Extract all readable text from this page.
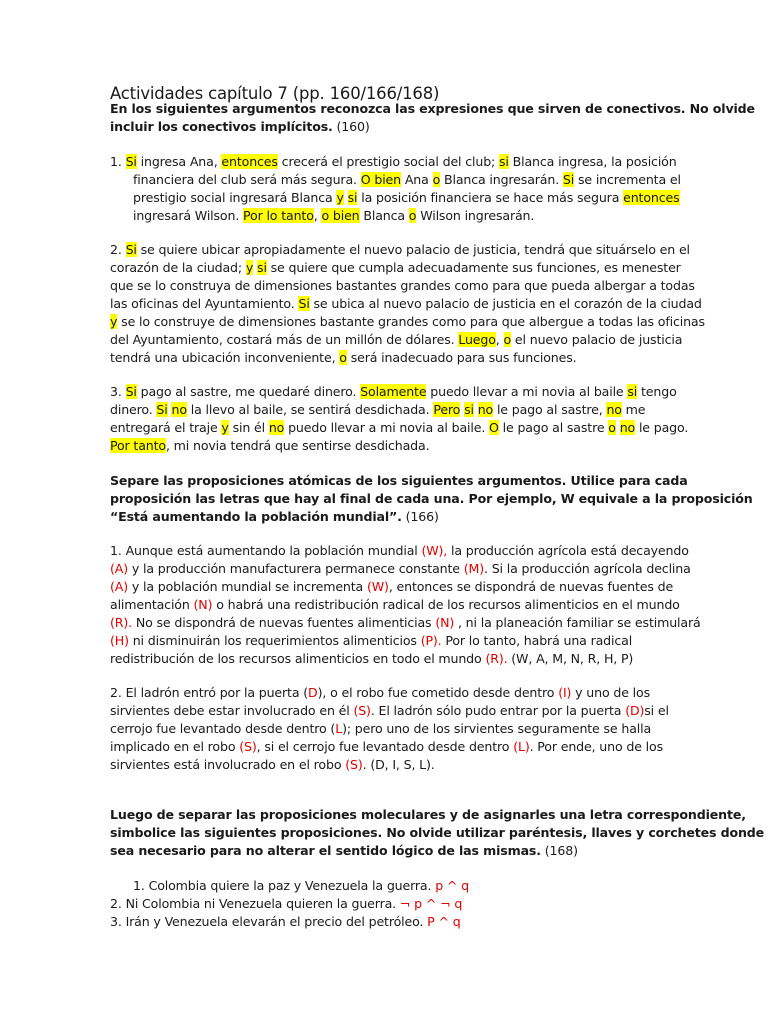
Actividades capítulo 7 (pp. 160/166/168)
En los siguientes argumentos reconozca las expresiones que sirven de conectivos. No olvide
incluir los conectivos implícitos. (160)
1. Si ingresa Ana, entonces crecerá el prestigio social del club; si Blanca ingresa, la posición
financiera del club será más segura. O bien Ana o Blanca ingresarán. Si se incrementa el
prestigio social ingresará Blanca y si la posición financiera se hace más segura entonces
ingresará Wilson. Por lo tanto, o bien Blanca o Wilson ingresarán.
2. Si se quiere ubicar apropiadamente el nuevo palacio de justicia, tendrá que situárselo en el
corazón de la ciudad; y si se quiere que cumpla adecuadamente sus funciones, es menester
que se lo construya de dimensiones bastantes grandes como para que pueda albergar a todas
las oficinas del Ayuntamiento. Si se ubica al nuevo palacio de justicia en el corazón de la ciudad
y se lo construye de dimensiones bastante grandes como para que albergue a todas las oficinas
del Ayuntamiento, costará más de un millón de dólares. Luego, o el nuevo palacio de justicia
tendrá una ubicación inconveniente, o será inadecuado para sus funciones.
3. Si pago al sastre, me quedaré dinero. Solamente puedo llevar a mi novia al baile si tengo
dinero. Si no la llevo al baile, se sentirá desdichada. Pero si no le pago al sastre, no me
entregará el traje y sin él no puedo llevar a mi novia al baile. O le pago al sastre o no le pago.
Por tanto, mi novia tendrá que sentirse desdichada.
Separe las proposiciones atómicas de los siguientes argumentos. Utilice para cada
proposición las letras que hay al final de cada una. Por ejemplo, W equivale a la proposición
“Está aumentando la población mundial”. (166)
1. Aunque está aumentando la población mundial (W), la producción agrícola está decayendo
(A) y la producción manufacturera permanece constante (M). Si la producción agrícola declina
(A) y la población mundial se incrementa (W), entonces se dispondrá de nuevas fuentes de
alimentación (N) o habrá una redistribución radical de los recursos alimenticios en el mundo
(R). No se dispondrá de nuevas fuentes alimenticias (N) , ni la planeación familiar se estimulará
(H) ni disminuirán los requerimientos alimenticios (P). Por lo tanto, habrá una radical
redistribución de los recursos alimenticios en todo el mundo (R). (W, A, M, N, R, H, P)
2. El ladrón entró por la puerta (D), o el robo fue cometido desde dentro (I) y uno de los
sirvientes debe estar involucrado en él (S). El ladrón sólo pudo entrar por la puerta (D)si el
cerrojo fue levantado desde dentro (L); pero uno de los sirvientes seguramente se halla
implicado en el robo (S), si el cerrojo fue levantado desde dentro (L). Por ende, uno de los
sirvientes está involucrado en el robo (S). (D, I, S, L).
Luego de separar las proposiciones moleculares y de asignarles una letra correspondiente,
simbolice las siguientes proposiciones. No olvide utilizar paréntesis, llaves y corchetes donde
sea necesario para no alterar el sentido lógico de las mismas. (168)
1. Colombia quiere la paz y Venezuela la guerra. p ^ q
2. Ni Colombia ni Venezuela quieren la guerra. ¬ p ^ ¬ q
3. Irán y Venezuela elevarán el precio del petróleo. P ^ q
